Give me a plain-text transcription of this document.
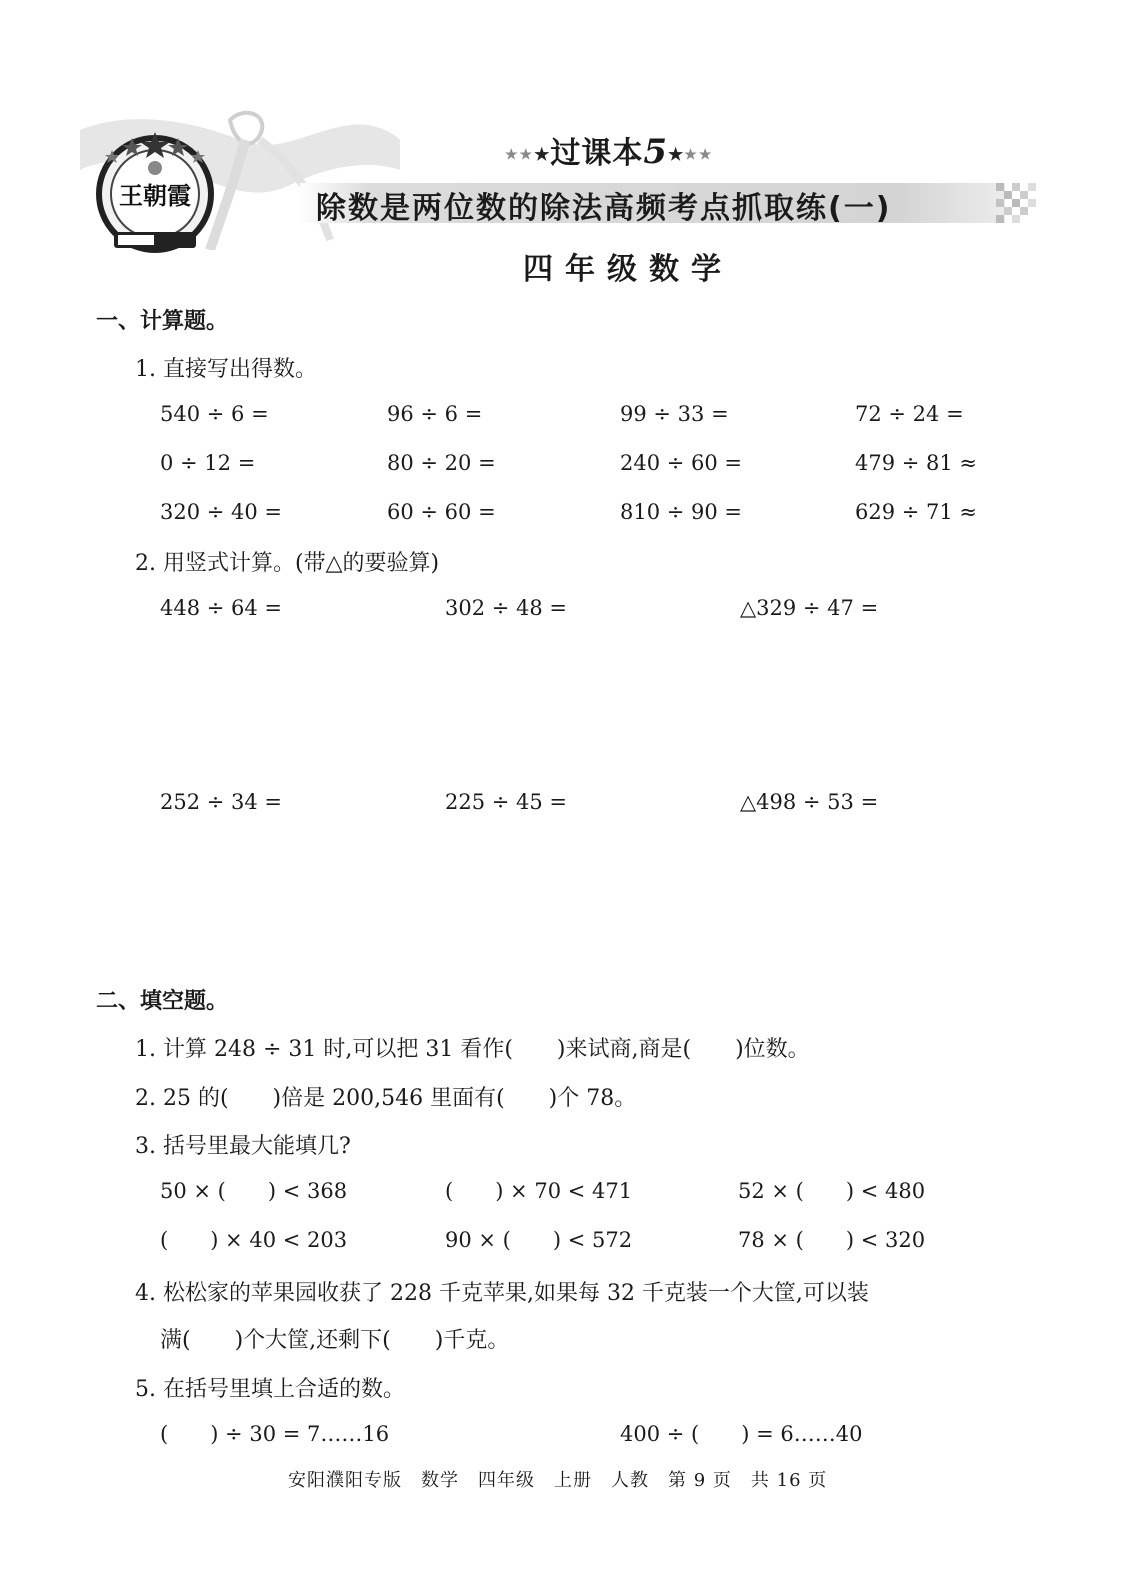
王朝霞
★★★过课本5★★★
除数是两位数的除法高频考点抓取练(一)
四年级数学
一、计算题。
1. 直接写出得数。
540 ÷ 6 =	96 ÷ 6 =	99 ÷ 33 =	72 ÷ 24 =
0 ÷ 12 =	80 ÷ 20 =	240 ÷ 60 =	479 ÷ 81 ≈
320 ÷ 40 =	60 ÷ 60 =	810 ÷ 90 =	629 ÷ 71 ≈
2. 用竖式计算。(带△的要验算)
448 ÷ 64 =	302 ÷ 48 =	△329 ÷ 47 =
252 ÷ 34 =	225 ÷ 45 =	△498 ÷ 53 =
二、填空题。
1. 计算 248 ÷ 31 时,可以把 31 看作(  )来试商,商是(  )位数。
2. 25 的(  )倍是 200,546 里面有(  )个 78。
3. 括号里最大能填几?
50 × (  ) < 368	(  ) × 70 < 471	52 × (  ) < 480
(  ) × 40 < 203	90 × (  ) < 572	78 × (  ) < 320
4. 松松家的苹果园收获了 228 千克苹果,如果每 32 千克装一个大筐,可以装
满(  )个大筐,还剩下(  )千克。
5. 在括号里填上合适的数。
(  ) ÷ 30 = 7……16	400 ÷ (  ) = 6……40
安阳濮阳专版 数学 四年级 上册 人教 第 9 页 共 16 页
